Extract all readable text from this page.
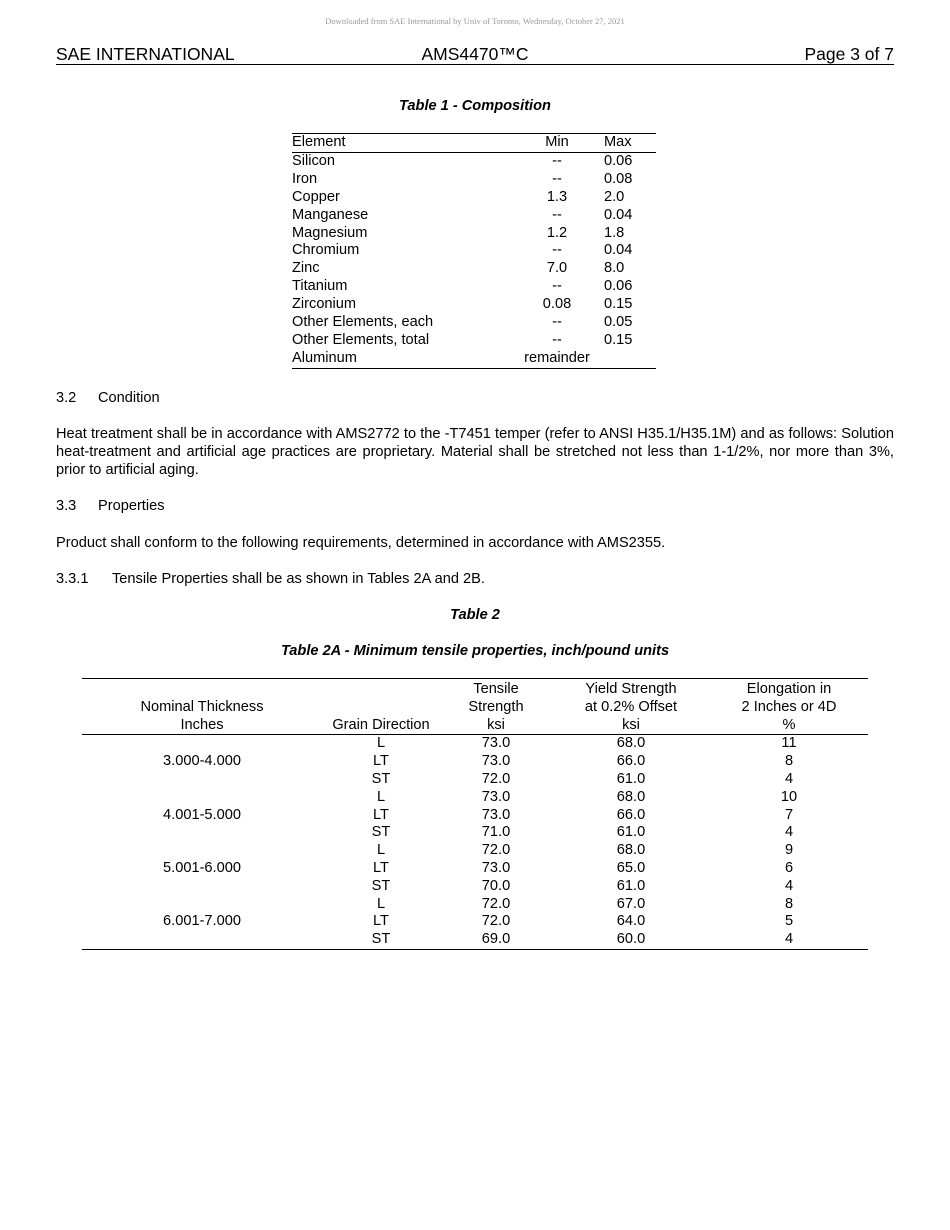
Downloaded from SAE International by Univ of Toronto, Wednesday, October 27, 2021
SAE INTERNATIONAL	AMS4470™C	Page 3 of 7
Table 1 - Composition
Element	Min	Max
Silicon	--	0.06
Iron	--	0.08
Copper	1.3	2.0
Manganese	--	0.04
Magnesium	1.2	1.8
Chromium	--	0.04
Zinc	7.0	8.0
Titanium	--	0.06
Zirconium	0.08	0.15
Other Elements, each	--	0.05
Other Elements, total	--	0.15
Aluminum	remainder	
3.2 Condition
Heat treatment shall be in accordance with AMS2772 to the -T7451 temper (refer to ANSI H35.1/H35.1M) and as follows: Solution heat-treatment and artificial age practices are proprietary. Material shall be stretched not less than 1-1/2%, nor more than 3%, prior to artificial aging.
3.3 Properties
Product shall conform to the following requirements, determined in accordance with AMS2355.
3.3.1 Tensile Properties shall be as shown in Tables 2A and 2B.
Table 2
Table 2A - Minimum tensile properties, inch/pound units
		Tensile	Yield Strength	Elongation in
Nominal Thickness		Strength	at 0.2% Offset	2 Inches or 4D
Inches	Grain Direction	ksi	ksi	%
	L	73.0	68.0	11
3.000-4.000	LT	73.0	66.0	8
	ST	72.0	61.0	4
	L	73.0	68.0	10
4.001-5.000	LT	73.0	66.0	7
	ST	71.0	61.0	4
	L	72.0	68.0	9
5.001-6.000	LT	73.0	65.0	6
	ST	70.0	61.0	4
	L	72.0	67.0	8
6.001-7.000	LT	72.0	64.0	5
	ST	69.0	60.0	4
